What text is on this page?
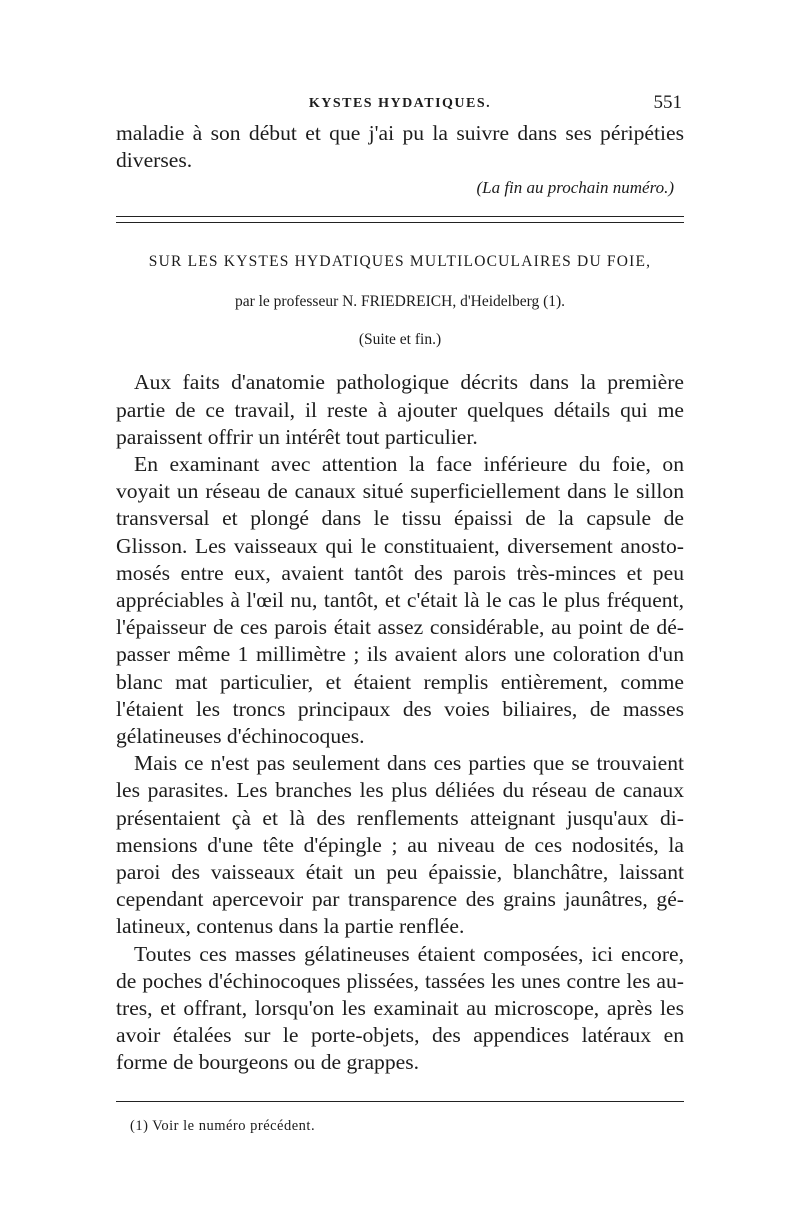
KYSTES HYDATIQUES.	551

maladie à son début et que j'ai pu la suivre dans ses péripéties diverses.

(La fin au prochain numéro.)
SUR LES KYSTES HYDATIQUES MULTILOCULAIRES DU FOIE,
par le professeur N. FRIEDREICH, d'Heidelberg (1).
(Suite et fin.)

Aux faits d'anatomie pathologique décrits dans la première partie de ce travail, il reste à ajouter quelques détails qui me paraissent offrir un intérêt tout particulier.

En examinant avec attention la face inférieure du foie, on voyait un réseau de canaux situé superficiellement dans le sillon transversal et plongé dans le tissu épaissi de la capsule de Glisson. Les vaisseaux qui le constituaient, diversement anostomosés entre eux, avaient tantôt des parois très-minces et peu appréciables à l'œil nu, tantôt, et c'était là le cas le plus fréquent, l'épaisseur de ces parois était assez considérable, au point de dépasser même 1 millimètre ; ils avaient alors une coloration d'un blanc mat particulier, et étaient remplis entièrement, comme l'étaient les troncs principaux des voies biliaires, de masses gélatineuses d'échinocoques.

Mais ce n'est pas seulement dans ces parties que se trouvaient les parasites. Les branches les plus déliées du réseau de canaux présentaient çà et là des renflements atteignant jusqu'aux dimensions d'une tête d'épingle ; au niveau de ces nodosités, la paroi des vaisseaux était un peu épaissie, blanchâtre, laissant cependant apercevoir par transparence des grains jaunâtres, gélatineux, contenus dans la partie renflée.

Toutes ces masses gélatineuses étaient composées, ici encore, de poches d'échinocoques plissées, tassées les unes contre les autres, et offrant, lorsqu'on les examinait au microscope, après les avoir étalées sur le porte-objets, des appendices latéraux en forme de bourgeons ou de grappes.

(1) Voir le numéro précédent.
